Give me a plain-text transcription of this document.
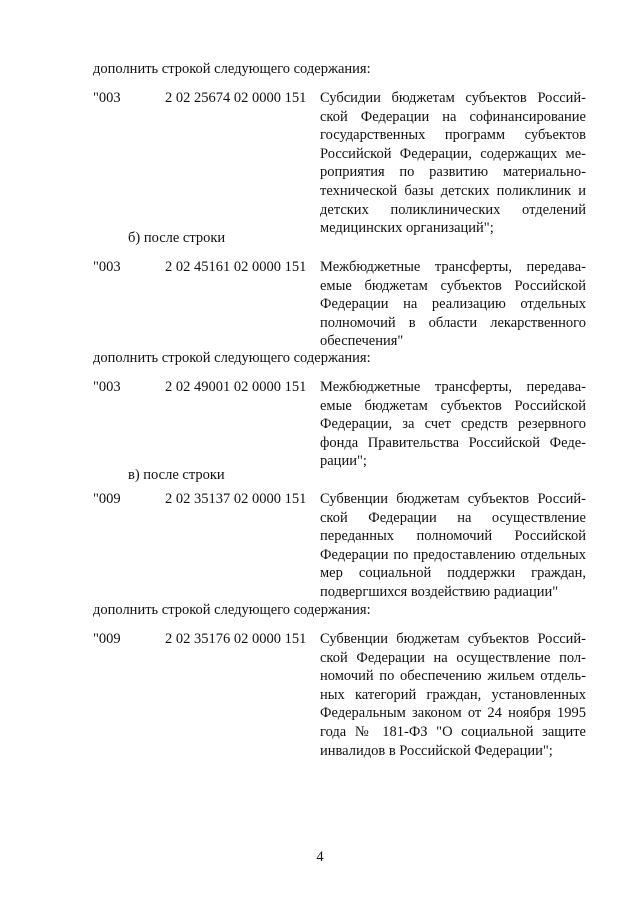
дополнить строкой следующего содержания:
"003	2 02 25674 02 0000 151 Субсидии бюджетам субъектов Российской Федерации на софинансирование государственных программ субъектов Российской Федерации, содержащих мероприятия по развитию материально-технической базы детских поликлиник и детских поликлинических отделений медицинских организаций";
б) после строки
"003	2 02 45161 02 0000 151 Межбюджетные трансферты, передаваемые бюджетам субъектов Российской Федерации на реализацию отдельных полномочий в области лекарственного обеспечения"
дополнить строкой следующего содержания:
"003	2 02 49001 02 0000 151 Межбюджетные трансферты, передаваемые бюджетам субъектов Российской Федерации, за счет средств резервного фонда Правительства Российской Федерации";
в) после строки
"009	2 02 35137 02 0000 151 Субвенции бюджетам субъектов Российской Федерации на осуществление переданных полномочий Российской Федерации по предоставлению отдельных мер социальной поддержки граждан, подвергшихся воздействию радиации"
дополнить строкой следующего содержания:
"009	2 02 35176 02 0000 151 Субвенции бюджетам субъектов Российской Федерации на осуществление полномочий по обеспечению жильем отдельных категорий граждан, установленных Федеральным законом от 24 ноября 1995 года № 181-ФЗ "О социальной защите инвалидов в Российской Федерации";
4
